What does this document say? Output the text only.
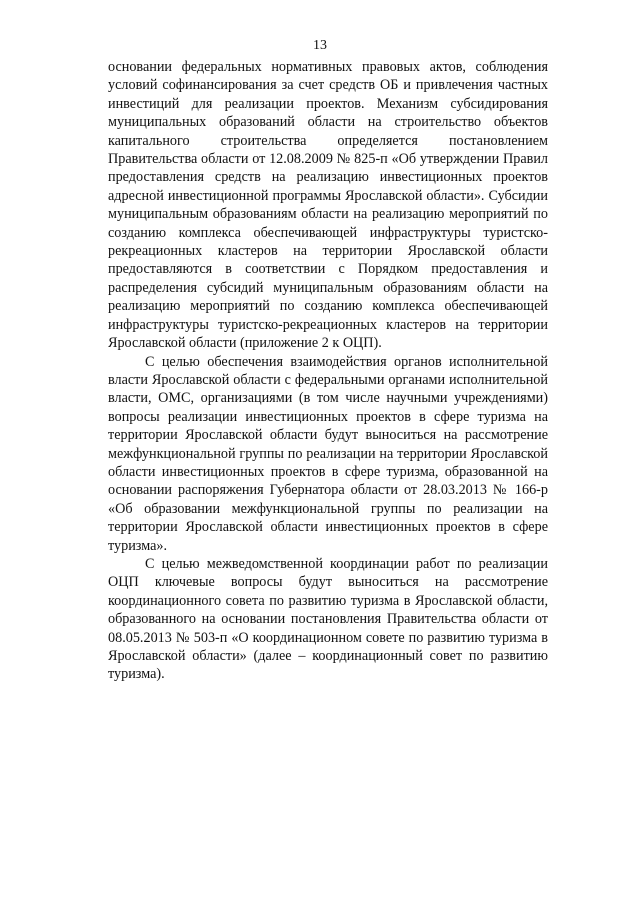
13

основании федеральных нормативных правовых актов, соблюдения условий софинансирования за счет средств ОБ и привлечения частных инвестиций для реализации проектов. Механизм субсидирования муниципальных образований области на строительство объектов капитального строительства определяется постановлением Правительства области от 12.08.2009 № 825-п «Об утверждении Правил предоставления средств на реализацию инвестиционных проектов адресной инвестиционной программы Ярославской области». Субсидии муниципальным образованиям области на реализацию мероприятий по созданию комплекса обеспечивающей инфраструктуры туристско-рекреационных кластеров на территории Ярославской области предоставляются в соответствии с Порядком предоставления и распределения субсидий муниципальным образованиям области на реализацию мероприятий по созданию комплекса обеспечивающей инфраструктуры туристско-рекреационных кластеров на территории Ярославской области (приложение 2 к ОЦП).

С целью обеспечения взаимодействия органов исполнительной власти Ярославской области с федеральными органами исполнительной власти, ОМС, организациями (в том числе научными учреждениями) вопросы реализации инвестиционных проектов в сфере туризма на территории Ярославской области будут выноситься на рассмотрение межфункциональной группы по реализации на территории Ярославской области инвестиционных проектов в сфере туризма, образованной на основании распоряжения Губернатора области от 28.03.2013 № 166-р «Об образовании межфункциональной группы по реализации на территории Ярославской области инвестиционных проектов в сфере туризма».

С целью межведомственной координации работ по реализации ОЦП ключевые вопросы будут выноситься на рассмотрение координационного совета по развитию туризма в Ярославской области, образованного на основании постановления Правительства области от 08.05.2013 № 503-п «О координационном совете по развитию туризма в Ярославской области» (далее – координационный совет по развитию туризма).
